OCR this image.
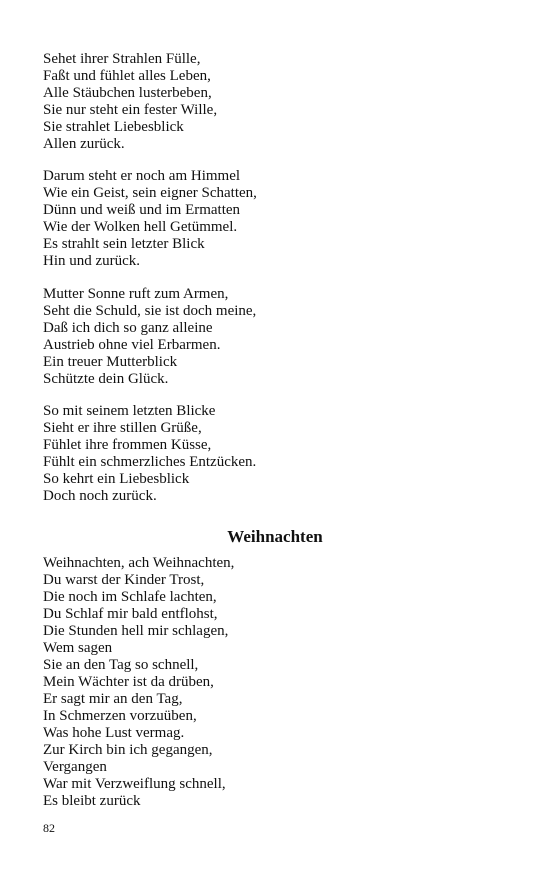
Sehet ihrer Strahlen Fülle,
Faßt und fühlet alles Leben,
Alle Stäubchen lusterbeben,
Sie nur steht ein fester Wille,
Sie strahlet Liebesblick
Allen zurück.
Darum steht er noch am Himmel
Wie ein Geist, sein eigner Schatten,
Dünn und weiß und im Ermatten
Wie der Wolken hell Getümmel.
Es strahlt sein letzter Blick
Hin und zurück.
Mutter Sonne ruft zum Armen,
Seht die Schuld, sie ist doch meine,
Daß ich dich so ganz alleine
Austrieb ohne viel Erbarmen.
Ein treuer Mutterblick
Schützte dein Glück.
So mit seinem letzten Blicke
Sieht er ihre stillen Grüße,
Fühlet ihre frommen Küsse,
Fühlt ein schmerzliches Entzücken.
So kehrt ein Liebesblick
Doch noch zurück.
Weihnachten
Weihnachten, ach Weihnachten,
Du warst der Kinder Trost,
Die noch im Schlafe lachten,
Du Schlaf mir bald entflohst,
Die Stunden hell mir schlagen,
Wem sagen
Sie an den Tag so schnell,
Mein Wächter ist da drüben,
Er sagt mir an den Tag,
In Schmerzen vorzuüben,
Was hohe Lust vermag.
Zur Kirch bin ich gegangen,
Vergangen
War mit Verzweiflung schnell,
Es bleibt zurück
82
